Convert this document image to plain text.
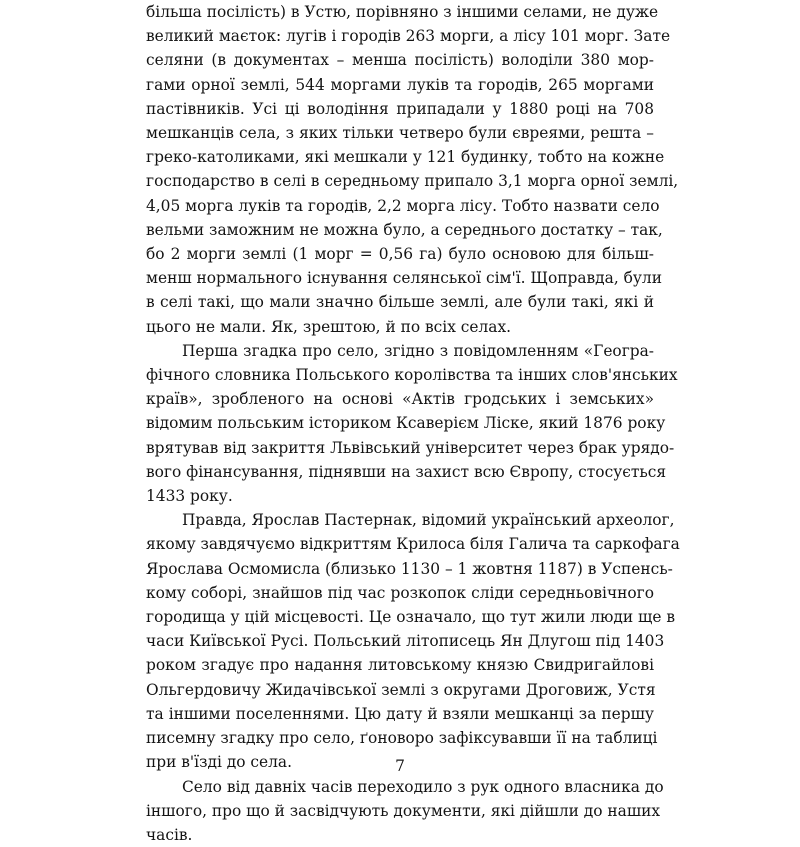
більша посілість) в Устю, порівняно з іншими селами, не дуже
великий маєток: лугів і городів 263 морги, а лісу 101 морг. Зате
селяни (в документах – менша посілість) володіли 380 мор-
гами орної землі, 544 моргами луків та городів, 265 моргами
пастівників. Усі ці володіння припадали у 1880 році на 708
мешканців села, з яких тільки четверо були євреями, решта –
греко-католиками, які мешкали у 121 будинку, тобто на кожне
господарство в селі в середньому припало 3,1 морга орної землі,
4,05 морга луків та городів, 2,2 морга лісу. Тобто назвати село
вельми заможним не можна було, а середнього достатку – так,
бо 2 морги землі (1 морг = 0,56 га) було основою для більш-
менш нормального існування селянської сім'ї. Щоправда, були
в селі такі, що мали значно більше землі, але були такі, які й
цього не мали. Як, зрештою, й по всіх селах.
Перша згадка про село, згідно з повідомленням «Геогра-
фічного словника Польського королівства та інших слов'янських
країв», зробленого на основі «Актів гродських і земських»
відомим польським істориком Ксаверієм Ліске, який 1876 року
врятував від закриття Львівський університет через брак урядо-
вого фінансування, піднявши на захист всю Європу, стосується
1433 року.
Правда, Ярослав Пастернак, відомий український археолог,
якому завдячуємо відкриттям Крилоса біля Галича та саркофага
Ярослава Осмомисла (близько 1130 – 1 жовтня 1187) в Успенсь-
кому соборі, знайшов під час розкопок сліди середньовічного
городища у цій місцевості. Це означало, що тут жили люди ще в
часи Київської Русі. Польський літописець Ян Длугош під 1403
роком згадує про надання литовському князю Свидригайлові
Ольгердовичу Жидачівської землі з округами Дроговиж, Устя
та іншими поселеннями. Цю дату й взяли мешканці за першу
писемну згадку про село, ґоноворо зафіксувавши її на таблиці
при в'їзді до села.
Село від давніх часів переходило з рук одного власника до
іншого, про що й засвідчують документи, які дійшли до наших
часів.
7
